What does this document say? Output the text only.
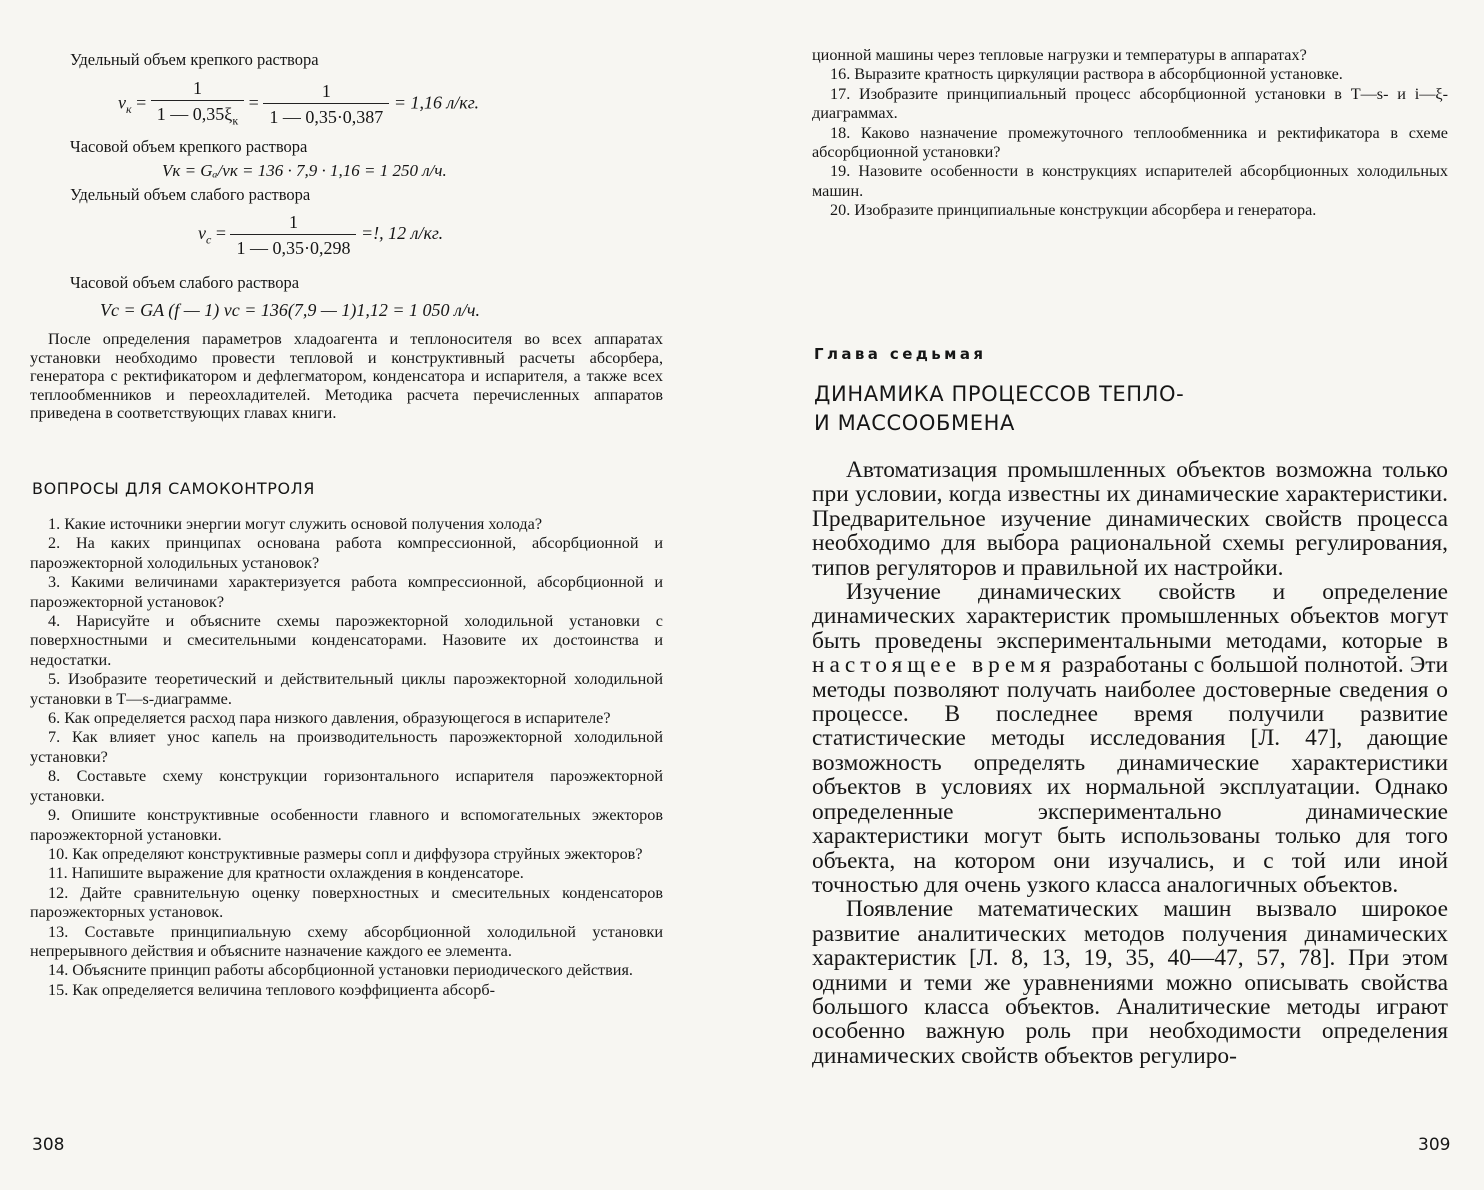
Удельный объем крепкого раствора
$v_к = \frac{1}{1 — 0,35\xi_к} = \frac{1}{1 — 0,35\cdot 0,387} = 1,16$ л/кг.
Часовой объем крепкого раствора
Vк = Gₐ/vк = 136 · 7,9 · 1,16 = 1 250 л/ч.
Удельный объем слабого раствора
$v_с = \frac{1}{1 — 0,35\cdot 0,298}$ =!, 12 л/кг.
Часовой объем слабого раствора
Vс = GA (f — 1) vс = 136(7,9 — 1)1,12 = 1 050 л/ч.

После определения параметров хладоагента и теплоносителя во всех аппаратах установки необходимо провести тепловой и конструктивный расчеты абсорбера, генератора с ректификатором и дефлегматором, конденсатора и испарителя, а также всех теплообменников и переохладителей. Методика расчета перечисленных аппаратов приведена в соответствующих главах книги.

ВОПРОСЫ ДЛЯ САМОКОНТРОЛЯ

1. Какие источники энергии могут служить основой получения холода?

2. На каких принципах основана работа компрессионной, абсорбционной и пароэжекторной холодильных установок?

3. Какими величинами характеризуется работа компрессионной, абсорбционной и пароэжекторной установок?

4. Нарисуйте и объясните схемы пароэжекторной холодильной установки с поверхностными и смесительными конденсаторами. Назовите их достоинства и недостатки.

5. Изобразите теоретический и действительный циклы пароэжекторной холодильной установки в T—s-диаграмме.

6. Как определяется расход пара низкого давления, образующегося в испарителе?

7. Как влияет унос капель на производительность пароэжекторной холодильной установки?

8. Составьте схему конструкции горизонтального испарителя пароэжекторной установки.

9. Опишите конструктивные особенности главного и вспомогательных эжекторов пароэжекторной установки.

10. Как определяют конструктивные размеры сопл и диффузора струйных эжекторов?

11. Напишите выражение для кратности охлаждения в конденсаторе.

12. Дайте сравнительную оценку поверхностных и смесительных конденсаторов пароэжекторных установок.

13. Составьте принципиальную схему абсорбционной холодильной установки непрерывного действия и объясните назначение каждого ее элемента.

14. Объясните принцип работы абсорбционной установки периодического действия.

15. Как определяется величина теплового коэффициента абсорб-

308

ционной машины через тепловые нагрузки и температуры в аппаратах?

16. Выразите кратность циркуляции раствора в абсорбционной установке.

17. Изобразите принципиальный процесс абсорбционной установки в T—s- и i—ξ-диаграммах.

18. Каково назначение промежуточного теплообменника и ректификатора в схеме абсорбционной установки?

19. Назовите особенности в конструкциях испарителей абсорбционных холодильных машин.

20. Изобразите принципиальные конструкции абсорбера и генератора.

Глава седьмая
ДИНАМИКА ПРОЦЕССОВ ТЕПЛО-
И МАССООБМЕНА

Автоматизация промышленных объектов возможна только при условии, когда известны их динамические характеристики. Предварительное изучение динамических свойств процесса необходимо для выбора рациональной схемы регулирования, типов регуляторов и правильной их настройки.

Изучение динамических свойств и определение динамических характеристик промышленных объектов могут быть проведены экспериментальными методами, которые в настоящее время разработаны с большой полнотой. Эти методы позволяют получать наиболее достоверные сведения о процессе. В последнее время получили развитие статистические методы исследования [Л. 47], дающие возможность определять динамические характеристики объектов в условиях их нормальной эксплуатации. Однако определенные экспериментально динамические характеристики могут быть использованы только для того объекта, на котором они изучались, и с той или иной точностью для очень узкого класса аналогичных объектов.

Появление математических машин вызвало широкое развитие аналитических методов получения динамических характеристик [Л. 8, 13, 19, 35, 40—47, 57, 78]. При этом одними и теми же уравнениями можно описывать свойства большого класса объектов. Аналитические методы играют особенно важную роль при необходимости определения динамических свойств объектов регулиро-

309
